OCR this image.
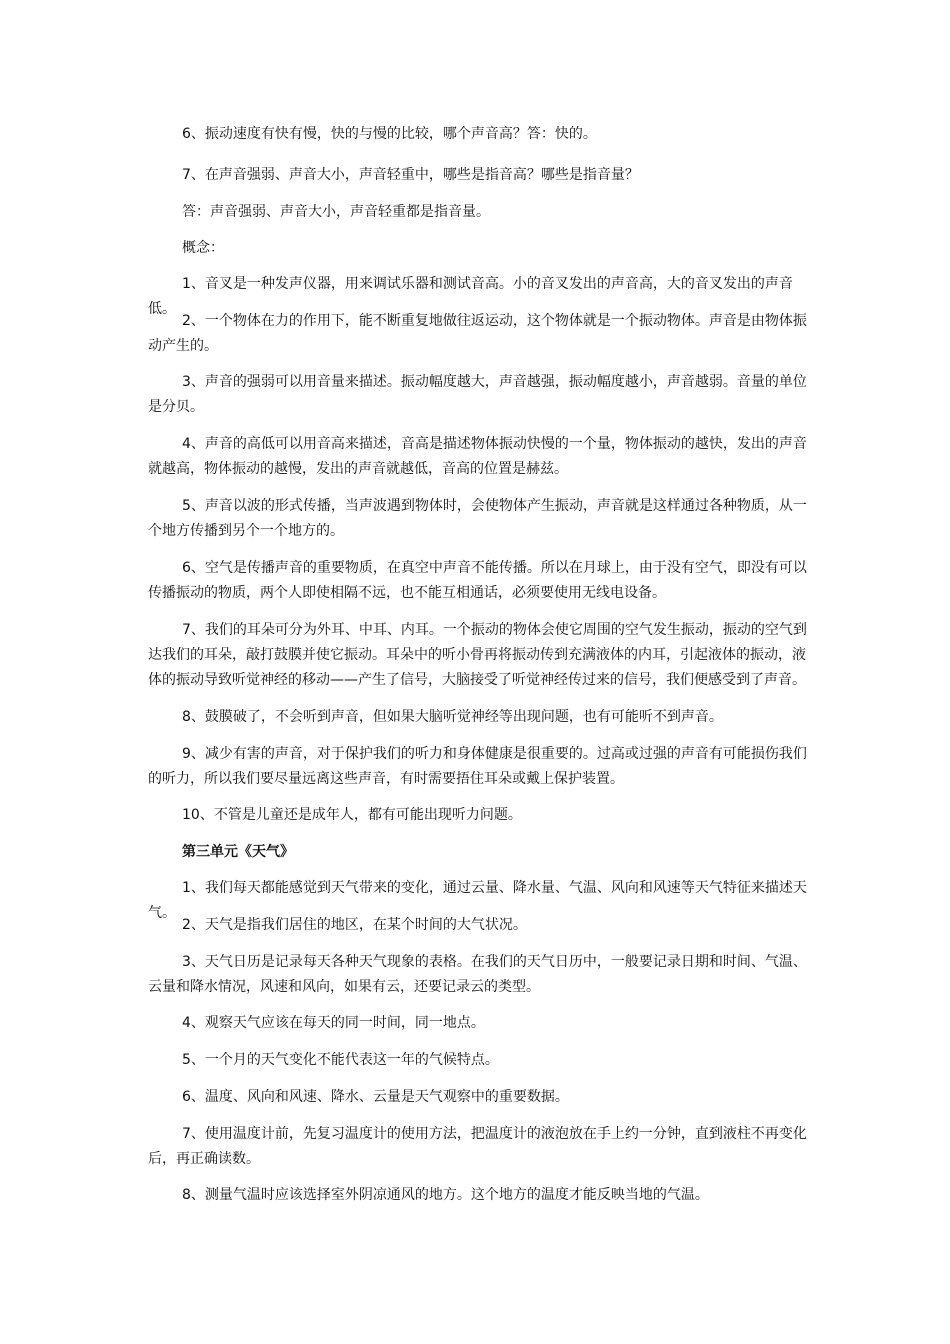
6、振动速度有快有慢，快的与慢的比较，哪个声音高？答：快的。

7、在声音强弱、声音大小，声音轻重中，哪些是指音高？哪些是指音量？

答：声音强弱、声音大小，声音轻重都是指音量。

概念：

1、音叉是一种发声仪器，用来调试乐器和测试音高。小的音叉发出的声音高，大的音叉发出的声音低。

2、一个物体在力的作用下，能不断重复地做往返运动，这个物体就是一个振动物体。声音是由物体振动产生的。

3、声音的强弱可以用音量来描述。振动幅度越大，声音越强，振动幅度越小，声音越弱。音量的单位是分贝。

4、声音的高低可以用音高来描述，音高是描述物体振动快慢的一个量，物体振动的越快，发出的声音就越高，物体振动的越慢，发出的声音就越低，音高的位置是赫兹。

5、声音以波的形式传播，当声波遇到物体时，会使物体产生振动，声音就是这样通过各种物质，从一个地方传播到另个一个地方的。

6、空气是传播声音的重要物质，在真空中声音不能传播。所以在月球上，由于没有空气，即没有可以传播振动的物质，两个人即使相隔不远，也不能互相通话，必须要使用无线电设备。

7、我们的耳朵可分为外耳、中耳、内耳。一个振动的物体会使它周围的空气发生振动，振动的空气到达我们的耳朵，敲打鼓膜并使它振动。耳朵中的听小骨再将振动传到充满液体的内耳，引起液体的振动，液体的振动导致听觉神经的移动——产生了信号，大脑接受了听觉神经传过来的信号，我们便感受到了声音。

8、鼓膜破了，不会听到声音，但如果大脑听觉神经等出现问题，也有可能听不到声音。

9、减少有害的声音，对于保护我们的听力和身体健康是很重要的。过高或过强的声音有可能损伤我们的听力，所以我们要尽量远离这些声音，有时需要捂住耳朵或戴上保护装置。

10、不管是儿童还是成年人，都有可能出现听力问题。

第三单元《天气》

1、我们每天都能感觉到天气带来的变化，通过云量、降水量、气温、风向和风速等天气特征来描述天气。

2、天气是指我们居住的地区，在某个时间的大气状况。

3、天气日历是记录每天各种天气现象的表格。在我们的天气日历中，一般要记录日期和时间、气温、云量和降水情况，风速和风向，如果有云，还要记录云的类型。

4、观察天气应该在每天的同一时间，同一地点。

5、一个月的天气变化不能代表这一年的气候特点。

6、温度、风向和风速、降水、云量是天气观察中的重要数据。

7、使用温度计前，先复习温度计的使用方法，把温度计的液泡放在手上约一分钟，直到液柱不再变化后，再正确读数。

8、测量气温时应该选择室外阴凉通风的地方。这个地方的温度才能反映当地的气温。
